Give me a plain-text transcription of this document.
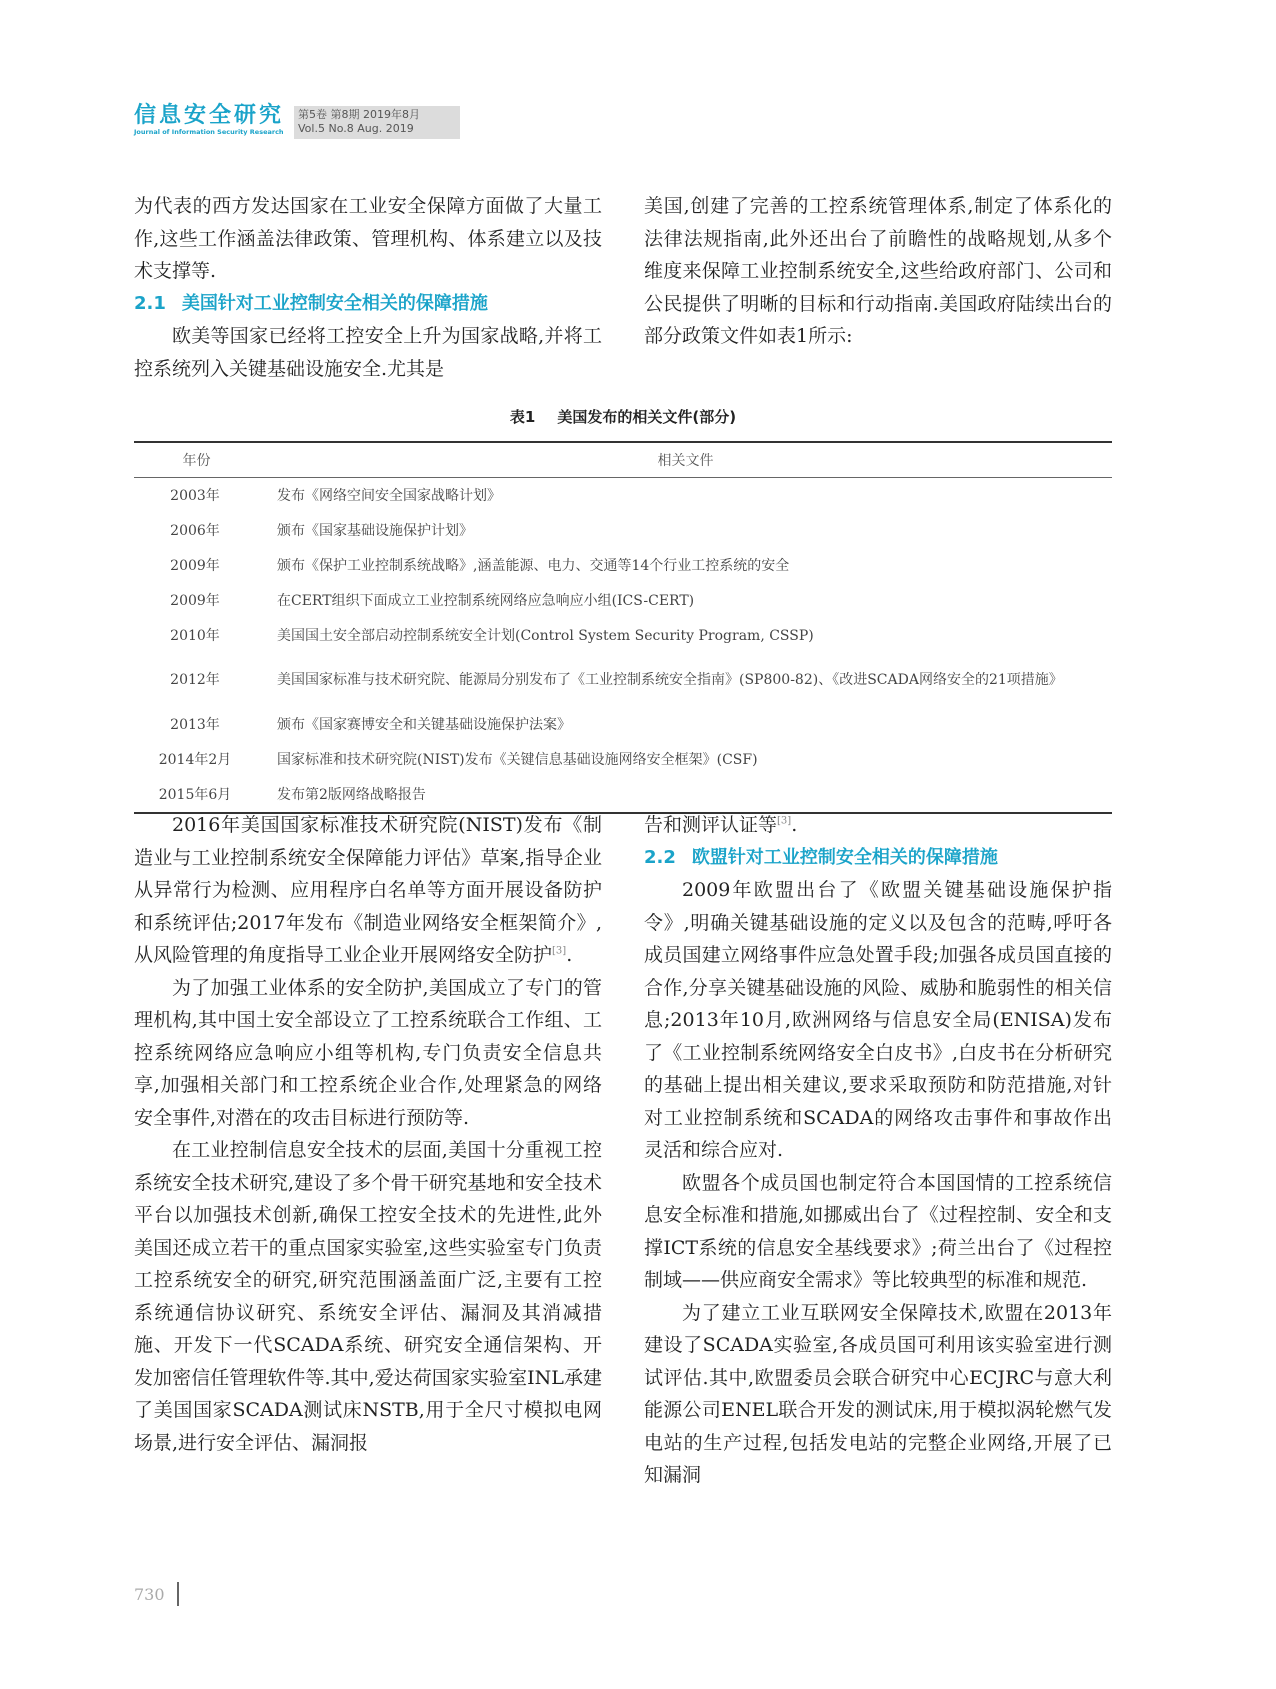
信息安全研究
Journal of Information Security Research
第5卷 第8期 2019年8月
Vol.5 No.8 Aug. 2019

为代表的西方发达国家在工业安全保障方面做了大量工作,这些工作涵盖法律政策、管理机构、体系建立以及技术支撑等.

2.1 美国针对工业控制安全相关的保障措施

欧美等国家已经将工控安全上升为国家战略,并将工控系统列入关键基础设施安全.尤其是

美国,创建了完善的工控系统管理体系,制定了体系化的法律法规指南,此外还出台了前瞻性的战略规划,从多个维度来保障工业控制系统安全,这些给政府部门、公司和公民提供了明晰的目标和行动指南.美国政府陆续出台的部分政策文件如表1所示:

表1 美国发布的相关文件(部分)
年份	相关文件
2003年	发布《网络空间安全国家战略计划》
2006年	颁布《国家基础设施保护计划》
2009年	颁布《保护工业控制系统战略》,涵盖能源、电力、交通等14个行业工控系统的安全
2009年	在CERT组织下面成立工业控制系统网络应急响应小组(ICS-CERT)
2010年	美国国土安全部启动控制系统安全计划(Control System Security Program, CSSP)
2012年	美国国家标准与技术研究院、能源局分别发布了《工业控制系统安全指南》(SP800-82)、《改进SCADA网络安全的21项措施》
2013年	颁布《国家赛博安全和关键基础设施保护法案》
2014年2月	国家标准和技术研究院(NIST)发布《关键信息基础设施网络安全框架》(CSF)
2015年6月	发布第2版网络战略报告

2016年美国国家标准技术研究院(NIST)发布《制造业与工业控制系统安全保障能力评估》草案,指导企业从异常行为检测、应用程序白名单等方面开展设备防护和系统评估;2017年发布《制造业网络安全框架简介》,从风险管理的角度指导工业企业开展网络安全防护[3].

为了加强工业体系的安全防护,美国成立了专门的管理机构,其中国土安全部设立了工控系统联合工作组、工控系统网络应急响应小组等机构,专门负责安全信息共享,加强相关部门和工控系统企业合作,处理紧急的网络安全事件,对潜在的攻击目标进行预防等.

在工业控制信息安全技术的层面,美国十分重视工控系统安全技术研究,建设了多个骨干研究基地和安全技术平台以加强技术创新,确保工控安全技术的先进性,此外美国还成立若干的重点国家实验室,这些实验室专门负责工控系统安全的研究,研究范围涵盖面广泛,主要有工控系统通信协议研究、系统安全评估、漏洞及其消减措施、开发下一代SCADA系统、研究安全通信架构、开发加密信任管理软件等.其中,爱达荷国家实验室INL承建了美国国家SCADA测试床NSTB,用于全尺寸模拟电网场景,进行安全评估、漏洞报

告和测评认证等[3].

2.2 欧盟针对工业控制安全相关的保障措施

2009年欧盟出台了《欧盟关键基础设施保护指令》,明确关键基础设施的定义以及包含的范畴,呼吁各成员国建立网络事件应急处置手段;加强各成员国直接的合作,分享关键基础设施的风险、威胁和脆弱性的相关信息;2013年10月,欧洲网络与信息安全局(ENISA)发布了《工业控制系统网络安全白皮书》,白皮书在分析研究的基础上提出相关建议,要求采取预防和防范措施,对针对工业控制系统和SCADA的网络攻击事件和事故作出灵活和综合应对.

欧盟各个成员国也制定符合本国国情的工控系统信息安全标准和措施,如挪威出台了《过程控制、安全和支撑ICT系统的信息安全基线要求》;荷兰出台了《过程控制域——供应商安全需求》等比较典型的标准和规范.

为了建立工业互联网安全保障技术,欧盟在2013年建设了SCADA实验室,各成员国可利用该实验室进行测试评估.其中,欧盟委员会联合研究中心ECJRC与意大利能源公司ENEL联合开发的测试床,用于模拟涡轮燃气发电站的生产过程,包括发电站的完整企业网络,开展了已知漏洞

730
